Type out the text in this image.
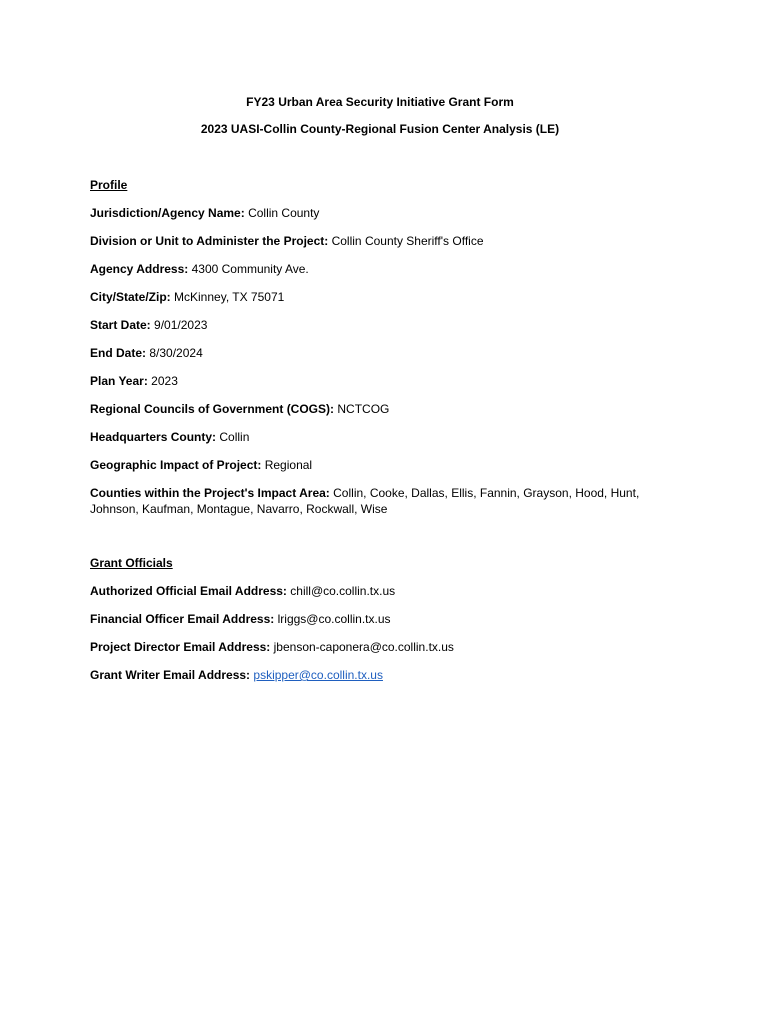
FY23 Urban Area Security Initiative Grant Form

2023 UASI-Collin County-Regional Fusion Center Analysis (LE)

Profile

Jurisdiction/Agency Name: Collin County

Division or Unit to Administer the Project: Collin County Sheriff's Office

Agency Address: 4300 Community Ave.

City/State/Zip: McKinney, TX 75071

Start Date: 9/01/2023

End Date: 8/30/2024

Plan Year: 2023

Regional Councils of Government (COGS): NCTCOG

Headquarters County: Collin

Geographic Impact of Project: Regional

Counties within the Project's Impact Area: Collin, Cooke, Dallas, Ellis, Fannin, Grayson, Hood, Hunt, Johnson, Kaufman, Montague, Navarro, Rockwall, Wise

Grant Officials

Authorized Official Email Address: chill@co.collin.tx.us

Financial Officer Email Address: lriggs@co.collin.tx.us

Project Director Email Address: jbenson-caponera@co.collin.tx.us

Grant Writer Email Address: pskipper@co.collin.tx.us
